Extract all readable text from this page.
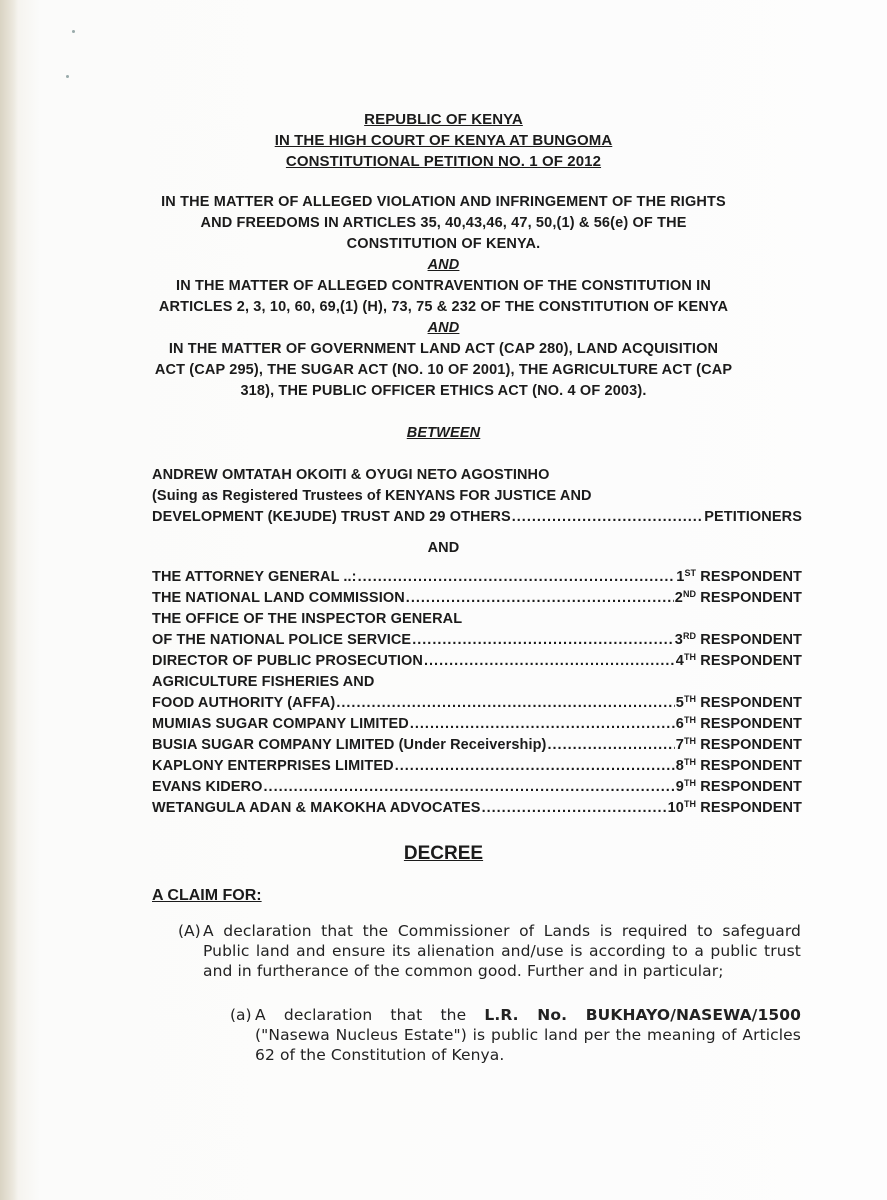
REPUBLIC OF KENYA
IN THE HIGH COURT OF KENYA AT BUNGOMA
CONSTITUTIONAL PETITION NO. 1 OF 2012
IN THE MATTER OF ALLEGED VIOLATION AND INFRINGEMENT OF THE RIGHTS
AND FREEDOMS IN ARTICLES 35, 40,43,46, 47, 50,(1) & 56(e) OF THE
CONSTITUTION OF KENYA.
AND
IN THE MATTER OF ALLEGED CONTRAVENTION OF THE CONSTITUTION IN
ARTICLES 2, 3, 10, 60, 69,(1) (H), 73, 75 & 232 OF THE CONSTITUTION OF KENYA
AND
IN THE MATTER OF GOVERNMENT LAND ACT (CAP 280), LAND ACQUISITION
ACT (CAP 295), THE SUGAR ACT (NO. 10 OF 2001), THE AGRICULTURE ACT (CAP
318), THE PUBLIC OFFICER ETHICS ACT (NO. 4 OF 2003).
BETWEEN
ANDREW OMTATAH OKOITI & OYUGI NETO AGOSTINHO
(Suing as Registered Trustees of KENYANS FOR JUSTICE AND
DEVELOPMENT (KEJUDE) TRUST AND 29 OTHERS .....	PETITIONERS
AND
THE ATTORNEY GENERAL ..: .....	1ST RESPONDENT
THE NATIONAL LAND COMMISSION .....	2ND RESPONDENT
THE OFFICE OF THE INSPECTOR GENERAL
OF THE NATIONAL POLICE SERVICE .....	3RD RESPONDENT
DIRECTOR OF PUBLIC PROSECUTION .....	4TH RESPONDENT
AGRICULTURE FISHERIES AND
FOOD AUTHORITY (AFFA) .....	5TH RESPONDENT
MUMIAS SUGAR COMPANY LIMITED .....	6TH RESPONDENT
BUSIA SUGAR COMPANY LIMITED (Under Receivership) .....	7TH RESPONDENT
KAPLONY ENTERPRISES LIMITED .....	8TH RESPONDENT
EVANS KIDERO .....	9TH RESPONDENT
WETANGULA ADAN & MAKOKHA ADVOCATES .....	10TH RESPONDENT
DECREE
A CLAIM FOR:
(A) A declaration that the Commissioner of Lands is required to safeguard Public land and ensure its alienation and/use is according to a public trust and in furtherance of the common good. Further and in particular;
(a) A declaration that the L.R. No. BUKHAYO/NASEWA/1500 ("Nasewa Nucleus Estate") is public land per the meaning of Articles 62 of the Constitution of Kenya.
